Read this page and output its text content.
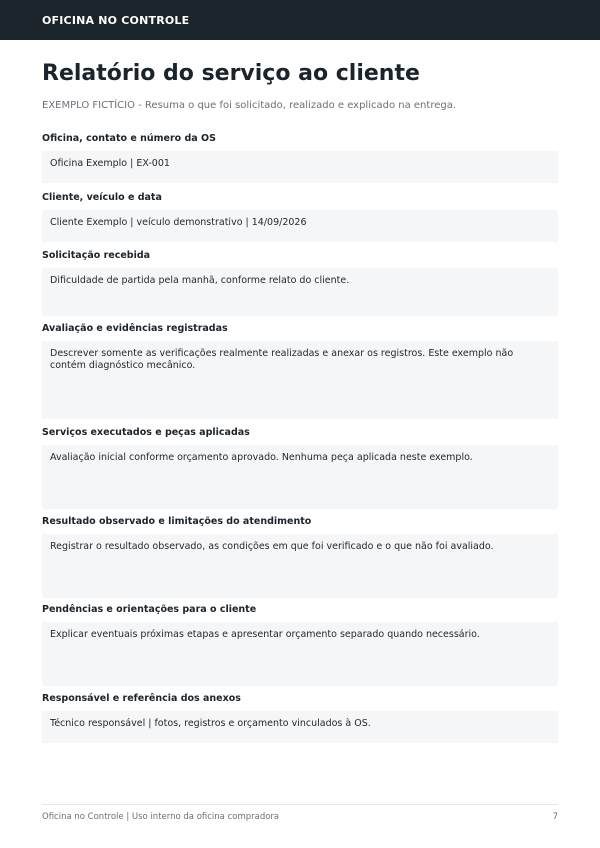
OFICINA NO CONTROLE
Relatório do serviço ao cliente
EXEMPLO FICTÍCIO - Resuma o que foi solicitado, realizado e explicado na entrega.
Oficina, contato e número da OS
Oficina Exemplo | EX-001
Cliente, veículo e data
Cliente Exemplo | veículo demonstrativo | 14/09/2026
Solicitação recebida
Dificuldade de partida pela manhã, conforme relato do cliente.
Avaliação e evidências registradas
Descrever somente as verificações realmente realizadas e anexar os registros. Este exemplo não contém diagnóstico mecânico.
Serviços executados e peças aplicadas
Avaliação inicial conforme orçamento aprovado. Nenhuma peça aplicada neste exemplo.
Resultado observado e limitações do atendimento
Registrar o resultado observado, as condições em que foi verificado e o que não foi avaliado.
Pendências e orientações para o cliente
Explicar eventuais próximas etapas e apresentar orçamento separado quando necessário.
Responsável e referência dos anexos
Técnico responsável | fotos, registros e orçamento vinculados à OS.
Oficina no Controle | Uso interno da oficina compradora	7
